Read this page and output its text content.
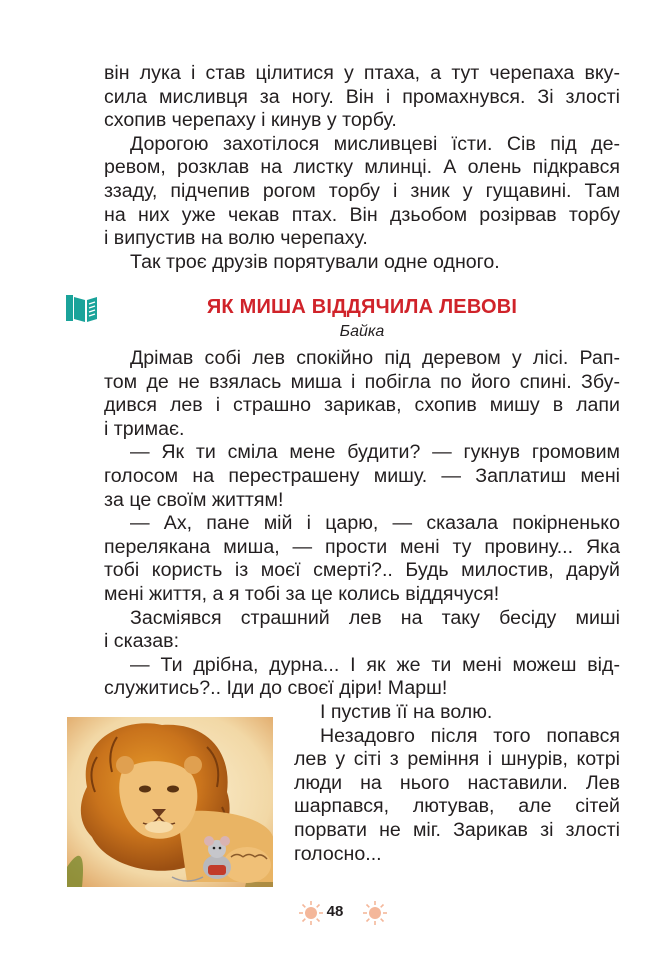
він лука і став цілитися у птаха, а тут черепаха вку-
сила мисливця за ногу. Він і промахнувся. Зі злості
схопив черепаху і кинув у торбу.

Дорогою захотілося мисливцеві їсти. Сів під де-
ревом, розклав на листку млинці. А олень підкрався
ззаду, підчепив рогом торбу і зник у гущавині. Там
на них уже чекав птах. Він дзьобом розірвав торбу
і випустив на волю черепаху.

Так троє друзів порятували одне одного.

ЯК МИША ВІДДЯЧИЛА ЛЕВОВІ

Байка

Дрімав собі лев спокійно під деревом у лісі. Рап-
том де не взялась миша і побігла по його спині. Збу-
дився лев і страшно зарикав, схопив мишу в лапи
і тримає.

— Як ти сміла мене будити? — гукнув громовим
голосом на перестрашену мишу. — Заплатиш мені
за це своїм життям!

— Ах, пане мій і царю, — сказала покірненько
перелякана миша, — прости мені ту провину... Яка
тобі користь із моєї смерті?.. Будь милостив, даруй
мені життя, а я тобі за це колись віддячуся!

Засміявся страшний лев на таку бесіду миші
і сказав:

— Ти дрібна, дурна... І як же ти мені можеш від-
служитись?.. Іди до своєї діри! Марш!

І пустив її на волю.

Незадовго після того попався
лев у сіті з реміння і шнурів, котрі
люди на нього наставили. Лев
шарпався, лютував, але сітей
порвати не міг. Зарикав зі злості
голосно...

48
